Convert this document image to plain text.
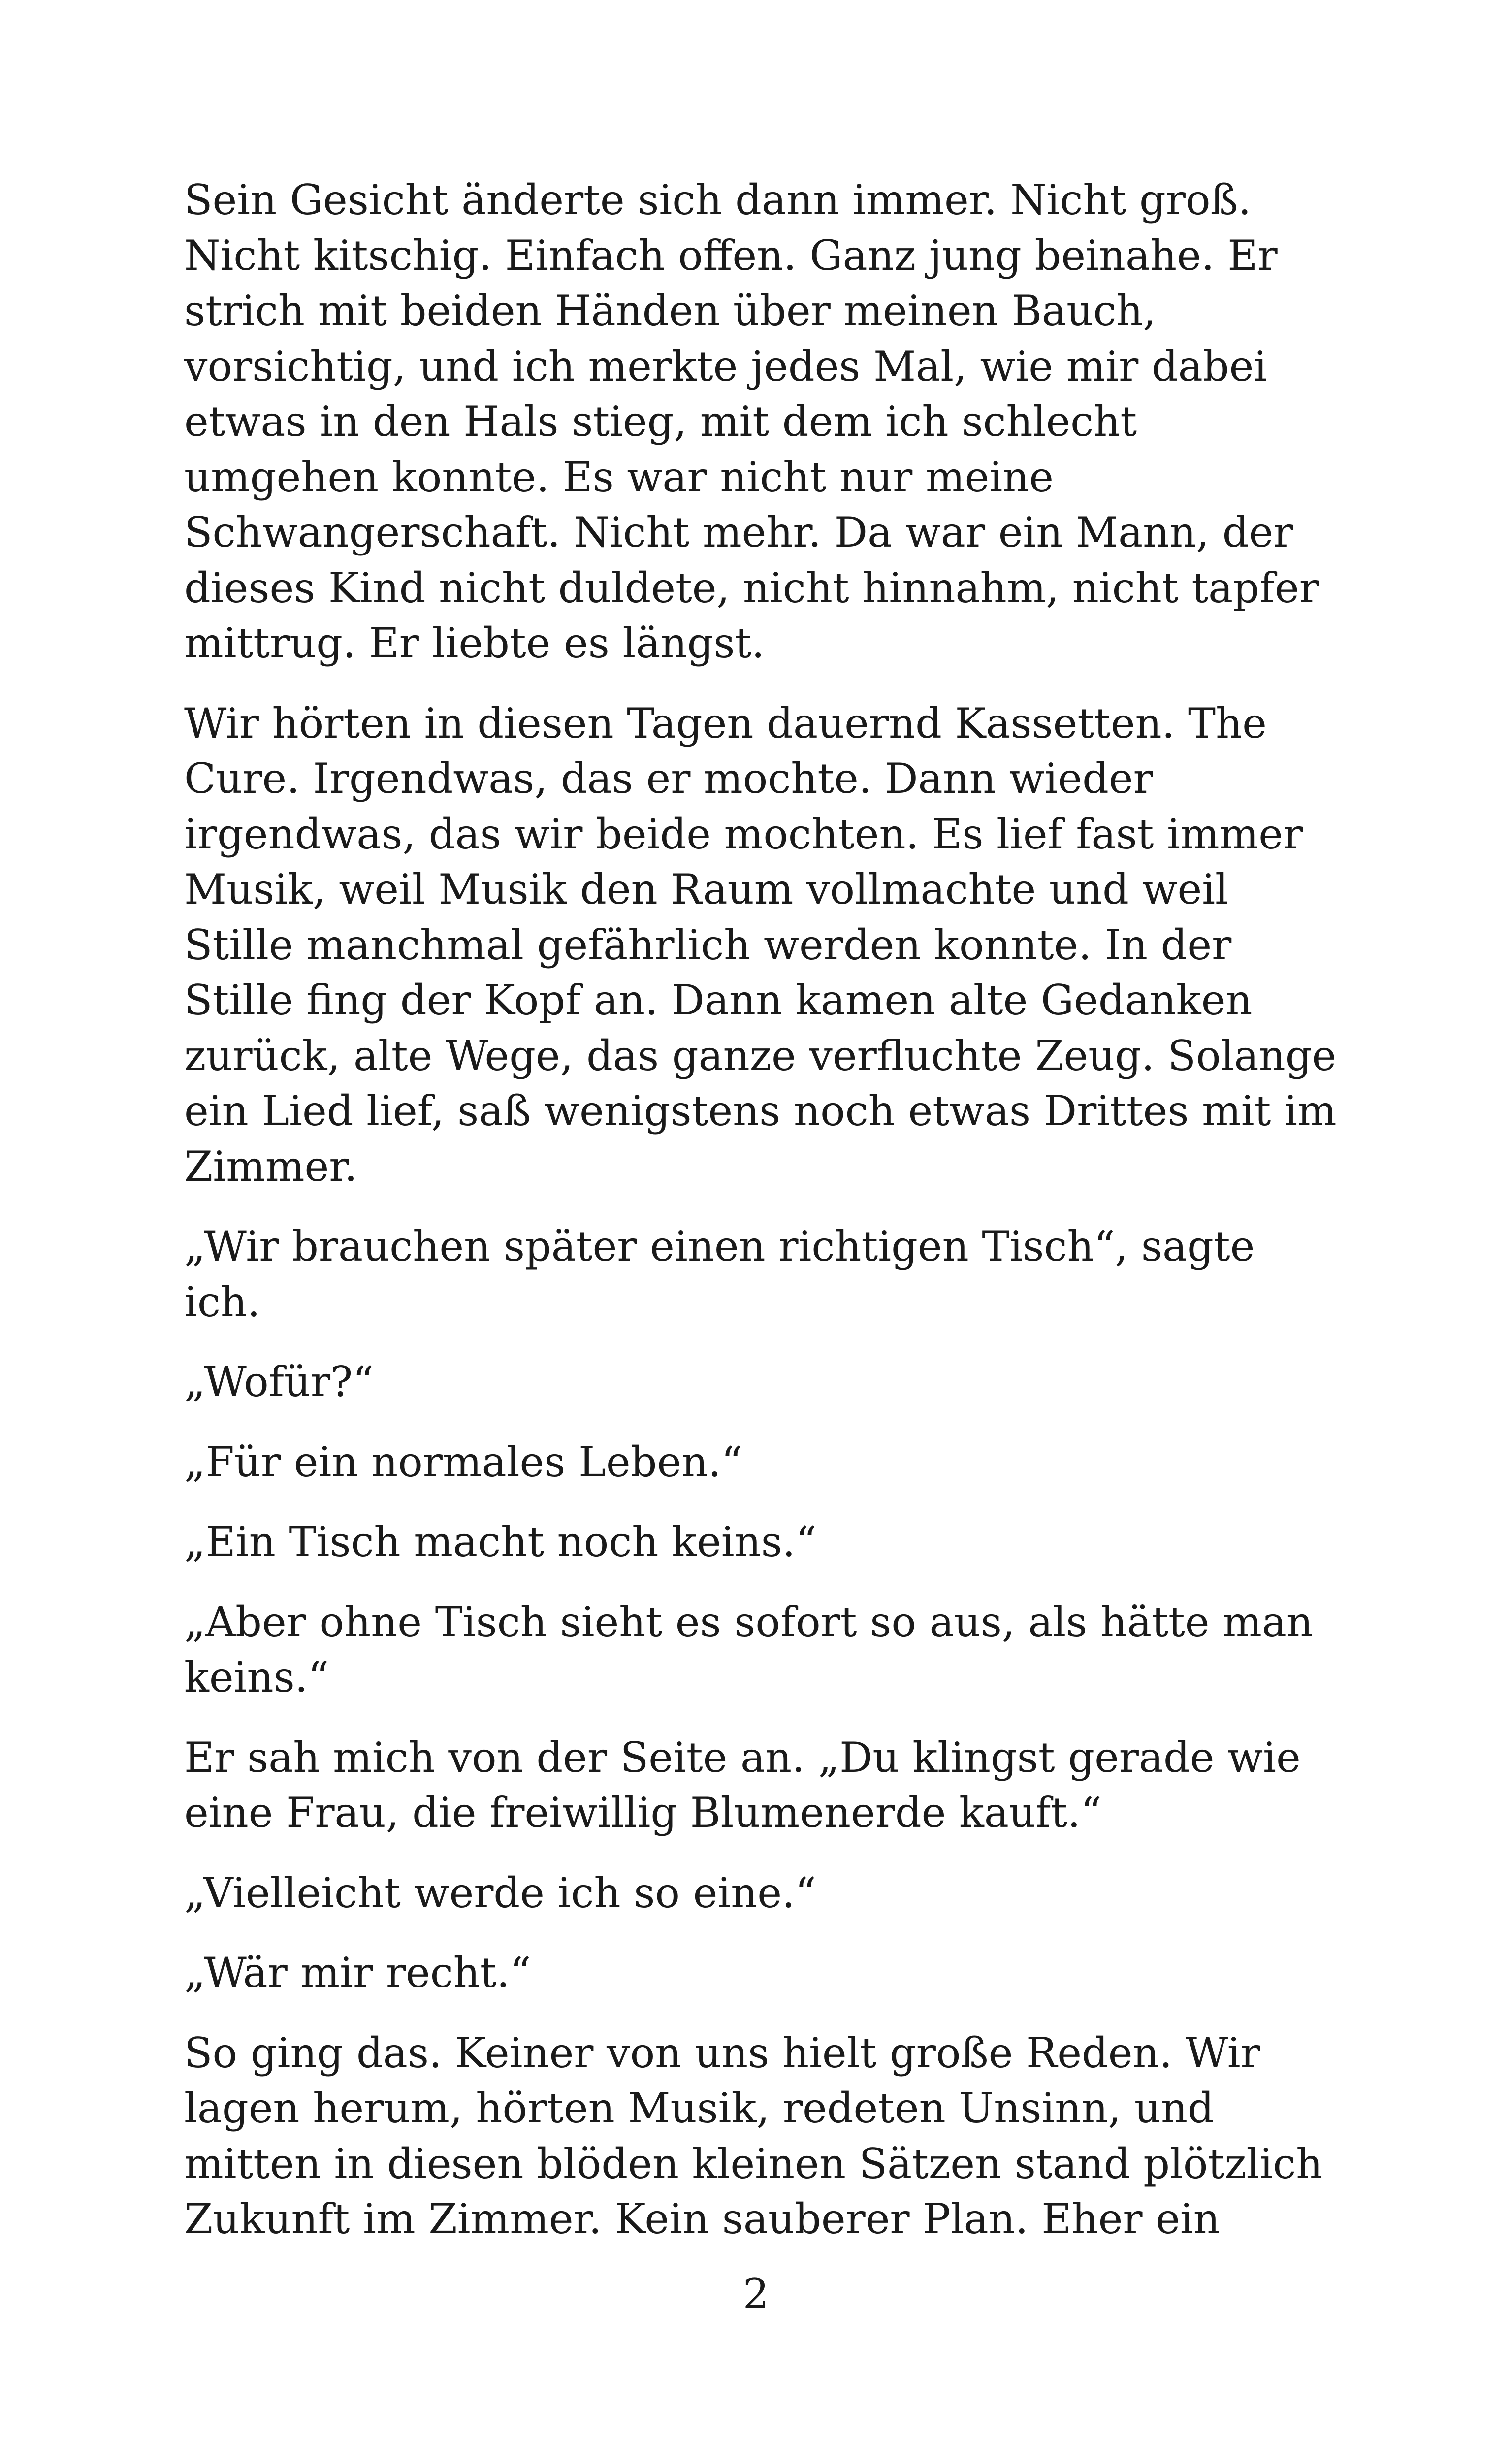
Sein Gesicht änderte sich dann immer. Nicht groß.
Nicht kitschig. Einfach offen. Ganz jung beinahe. Er
strich mit beiden Händen über meinen Bauch,
vorsichtig, und ich merkte jedes Mal, wie mir dabei
etwas in den Hals stieg, mit dem ich schlecht
umgehen konnte. Es war nicht nur meine
Schwangerschaft. Nicht mehr. Da war ein Mann, der
dieses Kind nicht duldete, nicht hinnahm, nicht tapfer
mittrug. Er liebte es längst.

Wir hörten in diesen Tagen dauernd Kassetten. The
Cure. Irgendwas, das er mochte. Dann wieder
irgendwas, das wir beide mochten. Es lief fast immer
Musik, weil Musik den Raum vollmachte und weil
Stille manchmal gefährlich werden konnte. In der
Stille fing der Kopf an. Dann kamen alte Gedanken
zurück, alte Wege, das ganze verfluchte Zeug. Solange
ein Lied lief, saß wenigstens noch etwas Drittes mit im
Zimmer.

„Wir brauchen später einen richtigen Tisch“, sagte
ich.

„Wofür?“

„Für ein normales Leben.“

„Ein Tisch macht noch keins.“

„Aber ohne Tisch sieht es sofort so aus, als hätte man
keins.“

Er sah mich von der Seite an. „Du klingst gerade wie
eine Frau, die freiwillig Blumenerde kauft.“

„Vielleicht werde ich so eine.“

„Wär mir recht.“

So ging das. Keiner von uns hielt große Reden. Wir
lagen herum, hörten Musik, redeten Unsinn, und
mitten in diesen blöden kleinen Sätzen stand plötzlich
Zukunft im Zimmer. Kein sauberer Plan. Eher ein

2
